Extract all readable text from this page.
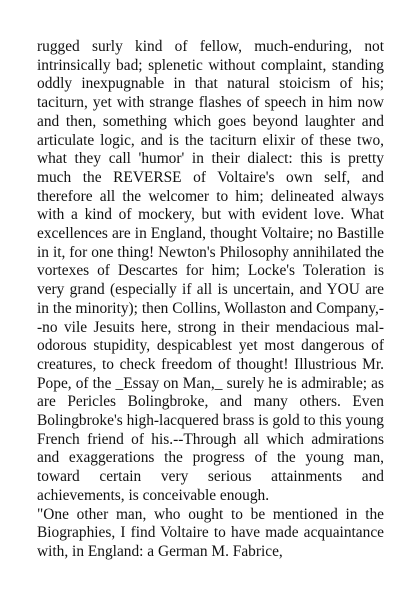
rugged surly kind of fellow, much-enduring, not intrinsically bad; splenetic without complaint, standing oddly inexpugnable in that natural stoicism of his; taciturn, yet with strange flashes of speech in him now and then, something which goes beyond laughter and articulate logic, and is the taciturn elixir of these two, what they call 'humor' in their dialect: this is pretty much the REVERSE of Voltaire's own self, and therefore all the welcomer to him; delineated always with a kind of mockery, but with evident love. What excellences are in England, thought Voltaire; no Bastille in it, for one thing! Newton's Philosophy annihilated the vortexes of Descartes for him; Locke's Toleration is very grand (especially if all is uncertain, and YOU are in the minority); then Collins, Wollaston and Company,--no vile Jesuits here, strong in their mendacious mal-odorous stupidity, despicablest yet most dangerous of creatures, to check freedom of thought! Illustrious Mr. Pope, of the _Essay on Man,_ surely he is admirable; as are Pericles Bolingbroke, and many others. Even Bolingbroke's high-lacquered brass is gold to this young French friend of his.--Through all which admirations and exaggerations the progress of the young man, toward certain very serious attainments and achievements, is conceivable enough.

"One other man, who ought to be mentioned in the Biographies, I find Voltaire to have made acquaintance with, in England: a German M. Fabrice,
